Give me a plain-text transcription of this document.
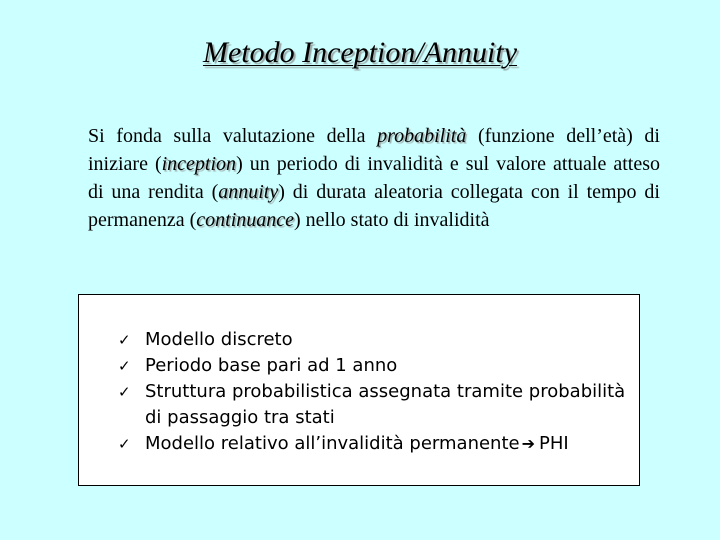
Metodo Inception/Annuity
Si fonda sulla valutazione della probabilità (funzione dell’età) di iniziare (inception) un periodo di invalidità e sul valore attuale atteso di una rendita (annuity) di durata aleatoria collegata con il tempo di permanenza (continuance) nello stato di invalidità
✓ Modello discreto
✓ Periodo base pari ad 1 anno
✓ Struttura probabilistica assegnata tramite probabilità di passaggio tra stati
✓ Modello relativo all’invalidità permanente ➔ PHI
